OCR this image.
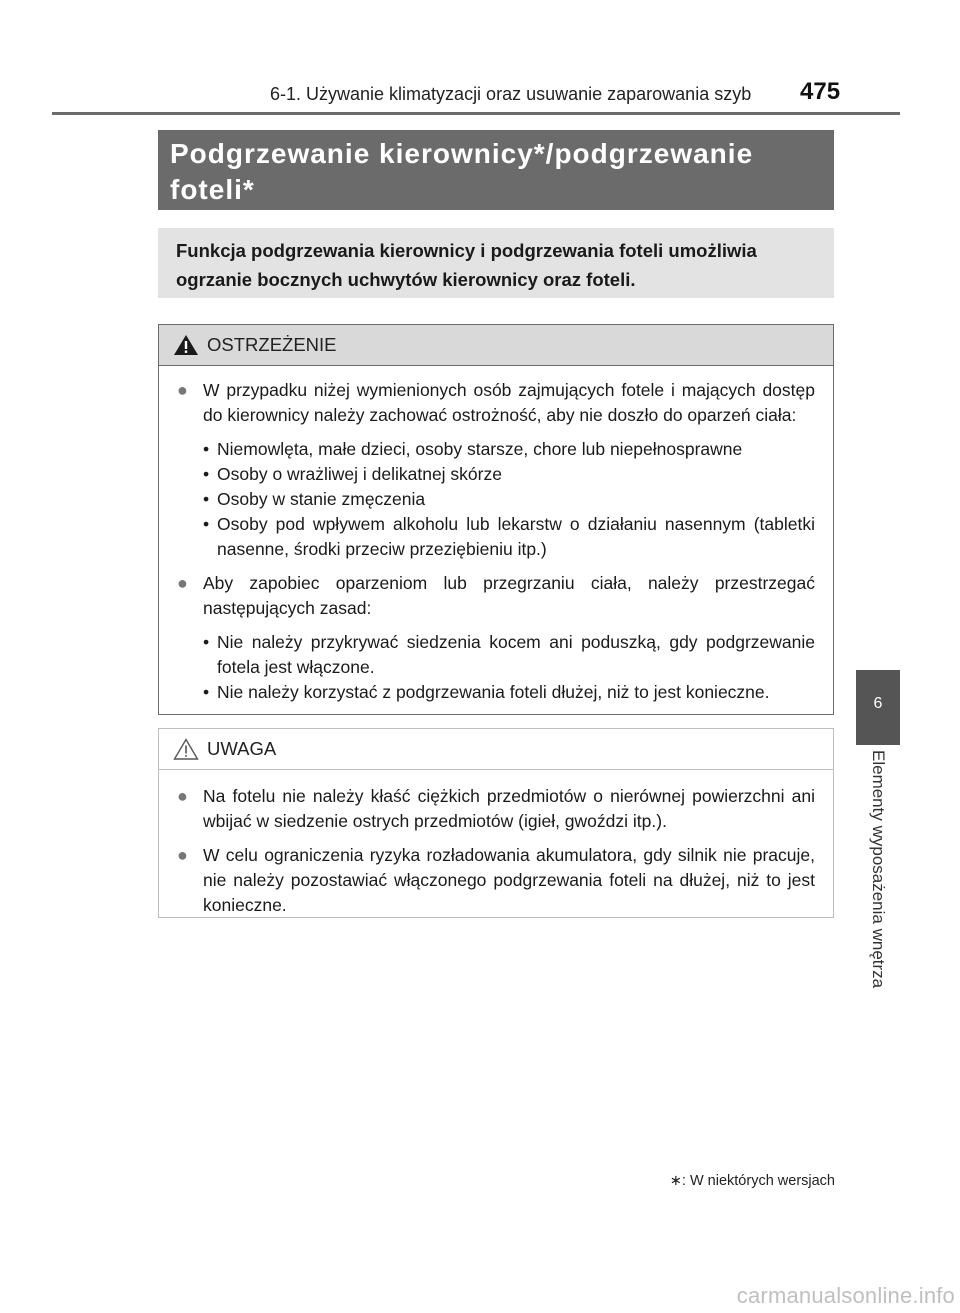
6-1. Używanie klimatyzacji oraz usuwanie zaparowania szyb	475
6
Elementy wyposażenia wnętrza
Podgrzewanie kierownicy*/podgrzewanie foteli*
Funkcja podgrzewania kierownicy i podgrzewania foteli umożliwia ogrzanie bocznych uchwytów kierownicy oraz foteli.
OSTRZEŻENIE
● W przypadku niżej wymienionych osób zajmujących fotele i mających dostęp do kierownicy należy zachować ostrożność, aby nie doszło do oparzeń ciała:
• Niemowlęta, małe dzieci, osoby starsze, chore lub niepełnosprawne
• Osoby o wrażliwej i delikatnej skórze
• Osoby w stanie zmęczenia
• Osoby pod wpływem alkoholu lub lekarstw o działaniu nasennym (tabletki nasenne, środki przeciw przeziębieniu itp.)
● Aby zapobiec oparzeniom lub przegrzaniu ciała, należy przestrzegać następujących zasad:
• Nie należy przykrywać siedzenia kocem ani poduszką, gdy podgrzewanie fotela jest włączone.
• Nie należy korzystać z podgrzewania foteli dłużej, niż to jest konieczne.
UWAGA
● Na fotelu nie należy kłaść ciężkich przedmiotów o nierównej powierzchni ani wbijać w siedzenie ostrych przedmiotów (igieł, gwoździ itp.).
● W celu ograniczenia ryzyka rozładowania akumulatora, gdy silnik nie pracuje, nie należy pozostawiać włączonego podgrzewania foteli na dłużej, niż to jest konieczne.
∗: W niektórych wersjach
carmanualsonline.info
